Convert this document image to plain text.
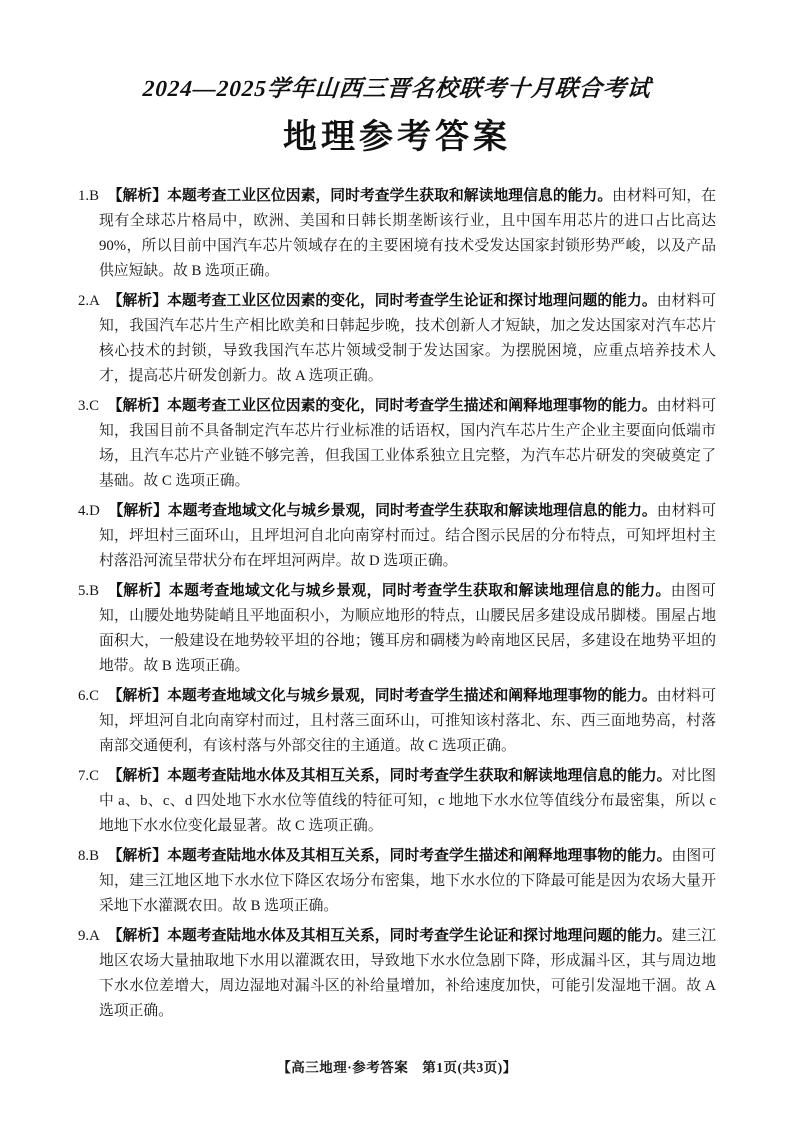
2024—2025学年山西三晋名校联考十月联合考试
地理参考答案

1.B 【解析】本题考查工业区位因素，同时考查学生获取和解读地理信息的能力。由材料可知，在现有全球芯片格局中，欧洲、美国和日韩长期垄断该行业，且中国车用芯片的进口占比高达 90%，所以目前中国汽车芯片领域存在的主要困境有技术受发达国家封锁形势严峻，以及产品供应短缺。故 B 选项正确。

2.A 【解析】本题考查工业区位因素的变化，同时考查学生论证和探讨地理问题的能力。由材料可知，我国汽车芯片生产相比欧美和日韩起步晚，技术创新人才短缺，加之发达国家对汽车芯片核心技术的封锁，导致我国汽车芯片领域受制于发达国家。为摆脱困境，应重点培养技术人才，提高芯片研发创新力。故 A 选项正确。

3.C 【解析】本题考查工业区位因素的变化，同时考查学生描述和阐释地理事物的能力。由材料可知，我国目前不具备制定汽车芯片行业标准的话语权，国内汽车芯片生产企业主要面向低端市场，且汽车芯片产业链不够完善，但我国工业体系独立且完整，为汽车芯片研发的突破奠定了基础。故 C 选项正确。

4.D 【解析】本题考查地域文化与城乡景观，同时考查学生获取和解读地理信息的能力。由材料可知，坪坦村三面环山，且坪坦河自北向南穿村而过。结合图示民居的分布特点，可知坪坦村主村落沿河流呈带状分布在坪坦河两岸。故 D 选项正确。

5.B 【解析】本题考查地域文化与城乡景观，同时考查学生获取和解读地理信息的能力。由图可知，山腰处地势陡峭且平地面积小，为顺应地形的特点，山腰民居多建设成吊脚楼。围屋占地面积大，一般建设在地势较平坦的谷地；镬耳房和碉楼为岭南地区民居，多建设在地势平坦的地带。故 B 选项正确。

6.C 【解析】本题考查地域文化与城乡景观，同时考查学生描述和阐释地理事物的能力。由材料可知，坪坦河自北向南穿村而过，且村落三面环山，可推知该村落北、东、西三面地势高，村落南部交通便利，有该村落与外部交往的主通道。故 C 选项正确。

7.C 【解析】本题考查陆地水体及其相互关系，同时考查学生获取和解读地理信息的能力。对比图中 a、b、c、d 四处地下水水位等值线的特征可知，c 地地下水水位等值线分布最密集，所以 c 地地下水水位变化最显著。故 C 选项正确。

8.B 【解析】本题考查陆地水体及其相互关系，同时考查学生描述和阐释地理事物的能力。由图可知，建三江地区地下水水位下降区农场分布密集，地下水水位的下降最可能是因为农场大量开采地下水灌溉农田。故 B 选项正确。

9.A 【解析】本题考查陆地水体及其相互关系，同时考查学生论证和探讨地理问题的能力。建三江地区农场大量抽取地下水用以灌溉农田，导致地下水水位急剧下降，形成漏斗区，其与周边地下水水位差增大，周边湿地对漏斗区的补给量增加，补给速度加快，可能引发湿地干涸。故 A 选项正确。

【高三地理·参考答案　第1页(共3页)】
